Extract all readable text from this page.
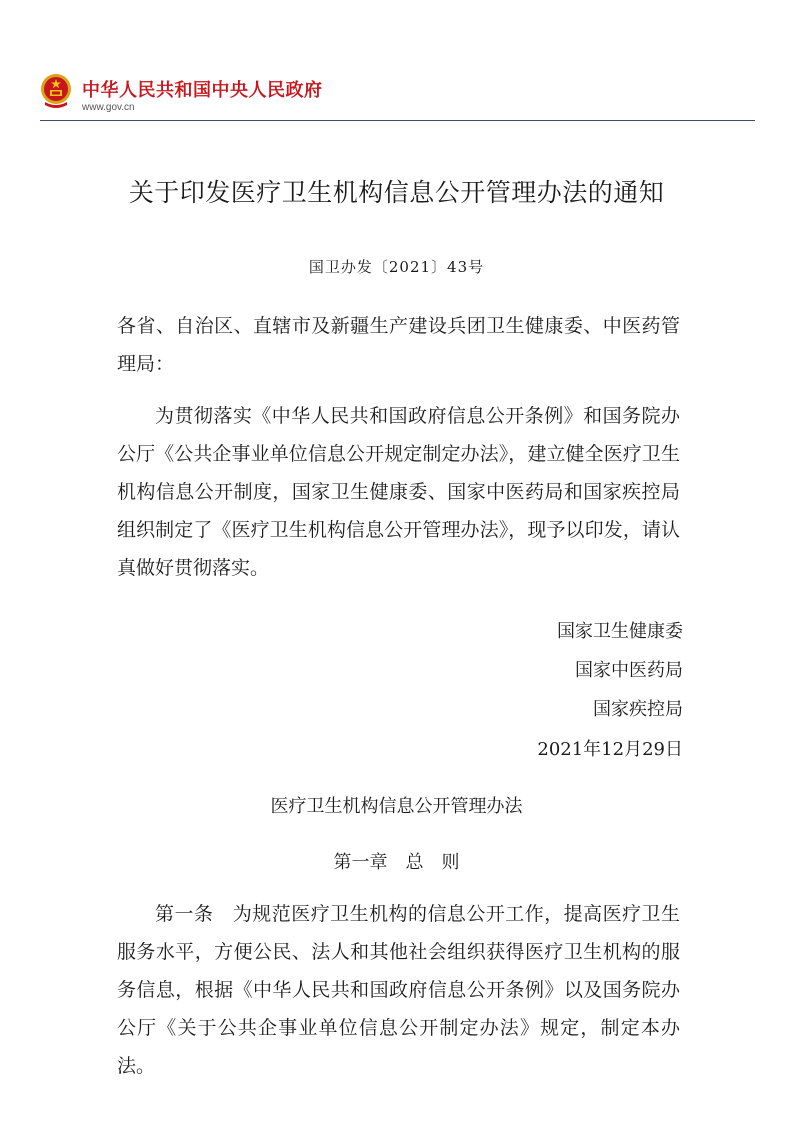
中华人民共和国中央人民政府
www.gov.cn
关于印发医疗卫生机构信息公开管理办法的通知
国卫办发〔2021〕43号
各省、自治区、直辖市及新疆生产建设兵团卫生健康委、中医药管理局：
为贯彻落实《中华人民共和国政府信息公开条例》和国务院办公厅《公共企事业单位信息公开规定制定办法》，建立健全医疗卫生机构信息公开制度，国家卫生健康委、国家中医药局和国家疾控局组织制定了《医疗卫生机构信息公开管理办法》，现予以印发，请认真做好贯彻落实。
国家卫生健康委
国家中医药局
国家疾控局
2021年12月29日
医疗卫生机构信息公开管理办法
第一章　总　则
第一条　为规范医疗卫生机构的信息公开工作，提高医疗卫生服务水平，方便公民、法人和其他社会组织获得医疗卫生机构的服务信息，根据《中华人民共和国政府信息公开条例》以及国务院办公厅《关于公共企事业单位信息公开制定办法》规定，制定本办法。
